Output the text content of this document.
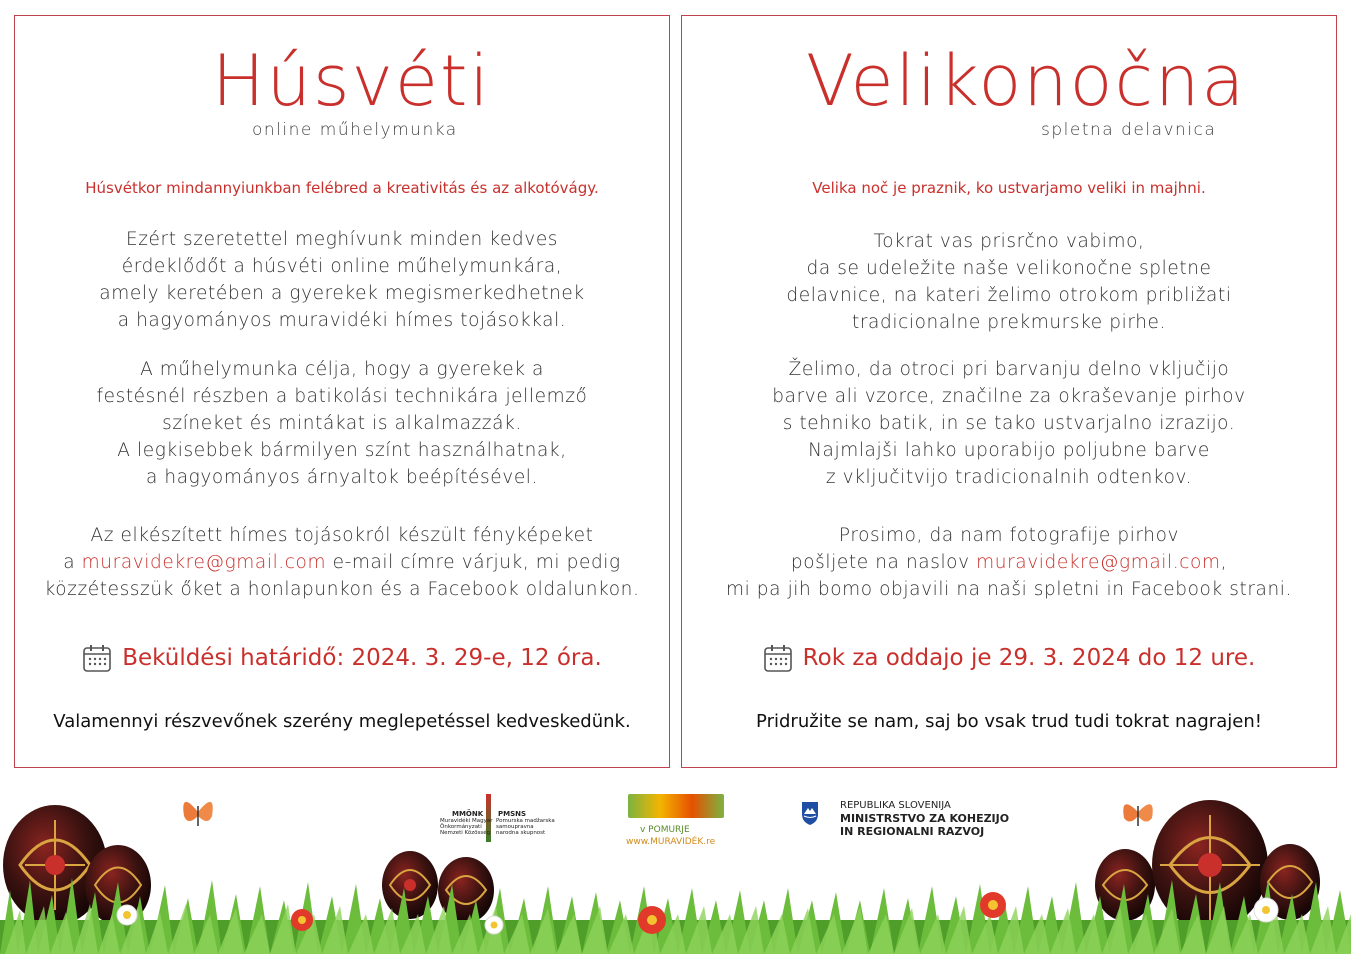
Húsvéti
online műhelymunka
Húsvétkor mindannyiunkban felébred a kreativitás és az alkotóvágy.
Ezért szeretettel meghívunk minden kedves
érdeklődőt a húsvéti online műhelymunkára,
amely keretében a gyerekek megismerkedhetnek
a hagyományos muravidéki hímes tojásokkal.
A műhelymunka célja, hogy a gyerekek a
festésnél részben a batikolási technikára jellemző
színeket és mintákat is alkalmazzák.
A legkisebbek bármilyen színt használhatnak,
a hagyományos árnyaltok beépítésével.
Az elkészített hímes tojásokról készült fényképeket
a muravidekre@gmail.com e-mail címre várjuk, mi pedig
közzétesszük őket a honlapunkon és a Facebook oldalunkon.
Beküldési határidő: 2024. 3. 29-e, 12 óra.
Valamennyi részvevőnek szerény meglepetéssel kedveskedünk.
Velikonočna
spletna delavnica
Velika noč je praznik, ko ustvarjamo veliki in majhni.
Tokrat vas prisrčno vabimo,
da se udeležite naše velikonočne spletne
delavnice, na kateri želimo otrokom približati
tradicionalne prekmurske pirhe.
Želimo, da otroci pri barvanju delno vključijo
barve ali vzorce, značilne za okraševanje pirhov
s tehniko batik, in se tako ustvarjalno izrazijo.
Najmlajši lahko uporabijo poljubne barve
z vključitvijo tradicionalnih odtenkov.
Prosimo, da nam fotografije pirhov
pošljete na naslov muravidekre@gmail.com,
mi pa jih bomo objavili na naši spletni in Facebook strani.
Rok za oddajo je 29. 3. 2024 do 12 ure.
Pridružite se nam, saj bo vsak trud tudi tokrat nagrajen!
MMÖNK PMSNS
Muravidéki Magyar
Önkormányzati
Nemzeti Közösség
Pomurska madžarska
samoupravna
narodna skupnost	v POMURJE
www.MURAVIDÉK.re
REPUBLIKA SLOVENIJA
MINISTRSTVO ZA KOHEZIJO
IN REGIONALNI RAZVOJ
